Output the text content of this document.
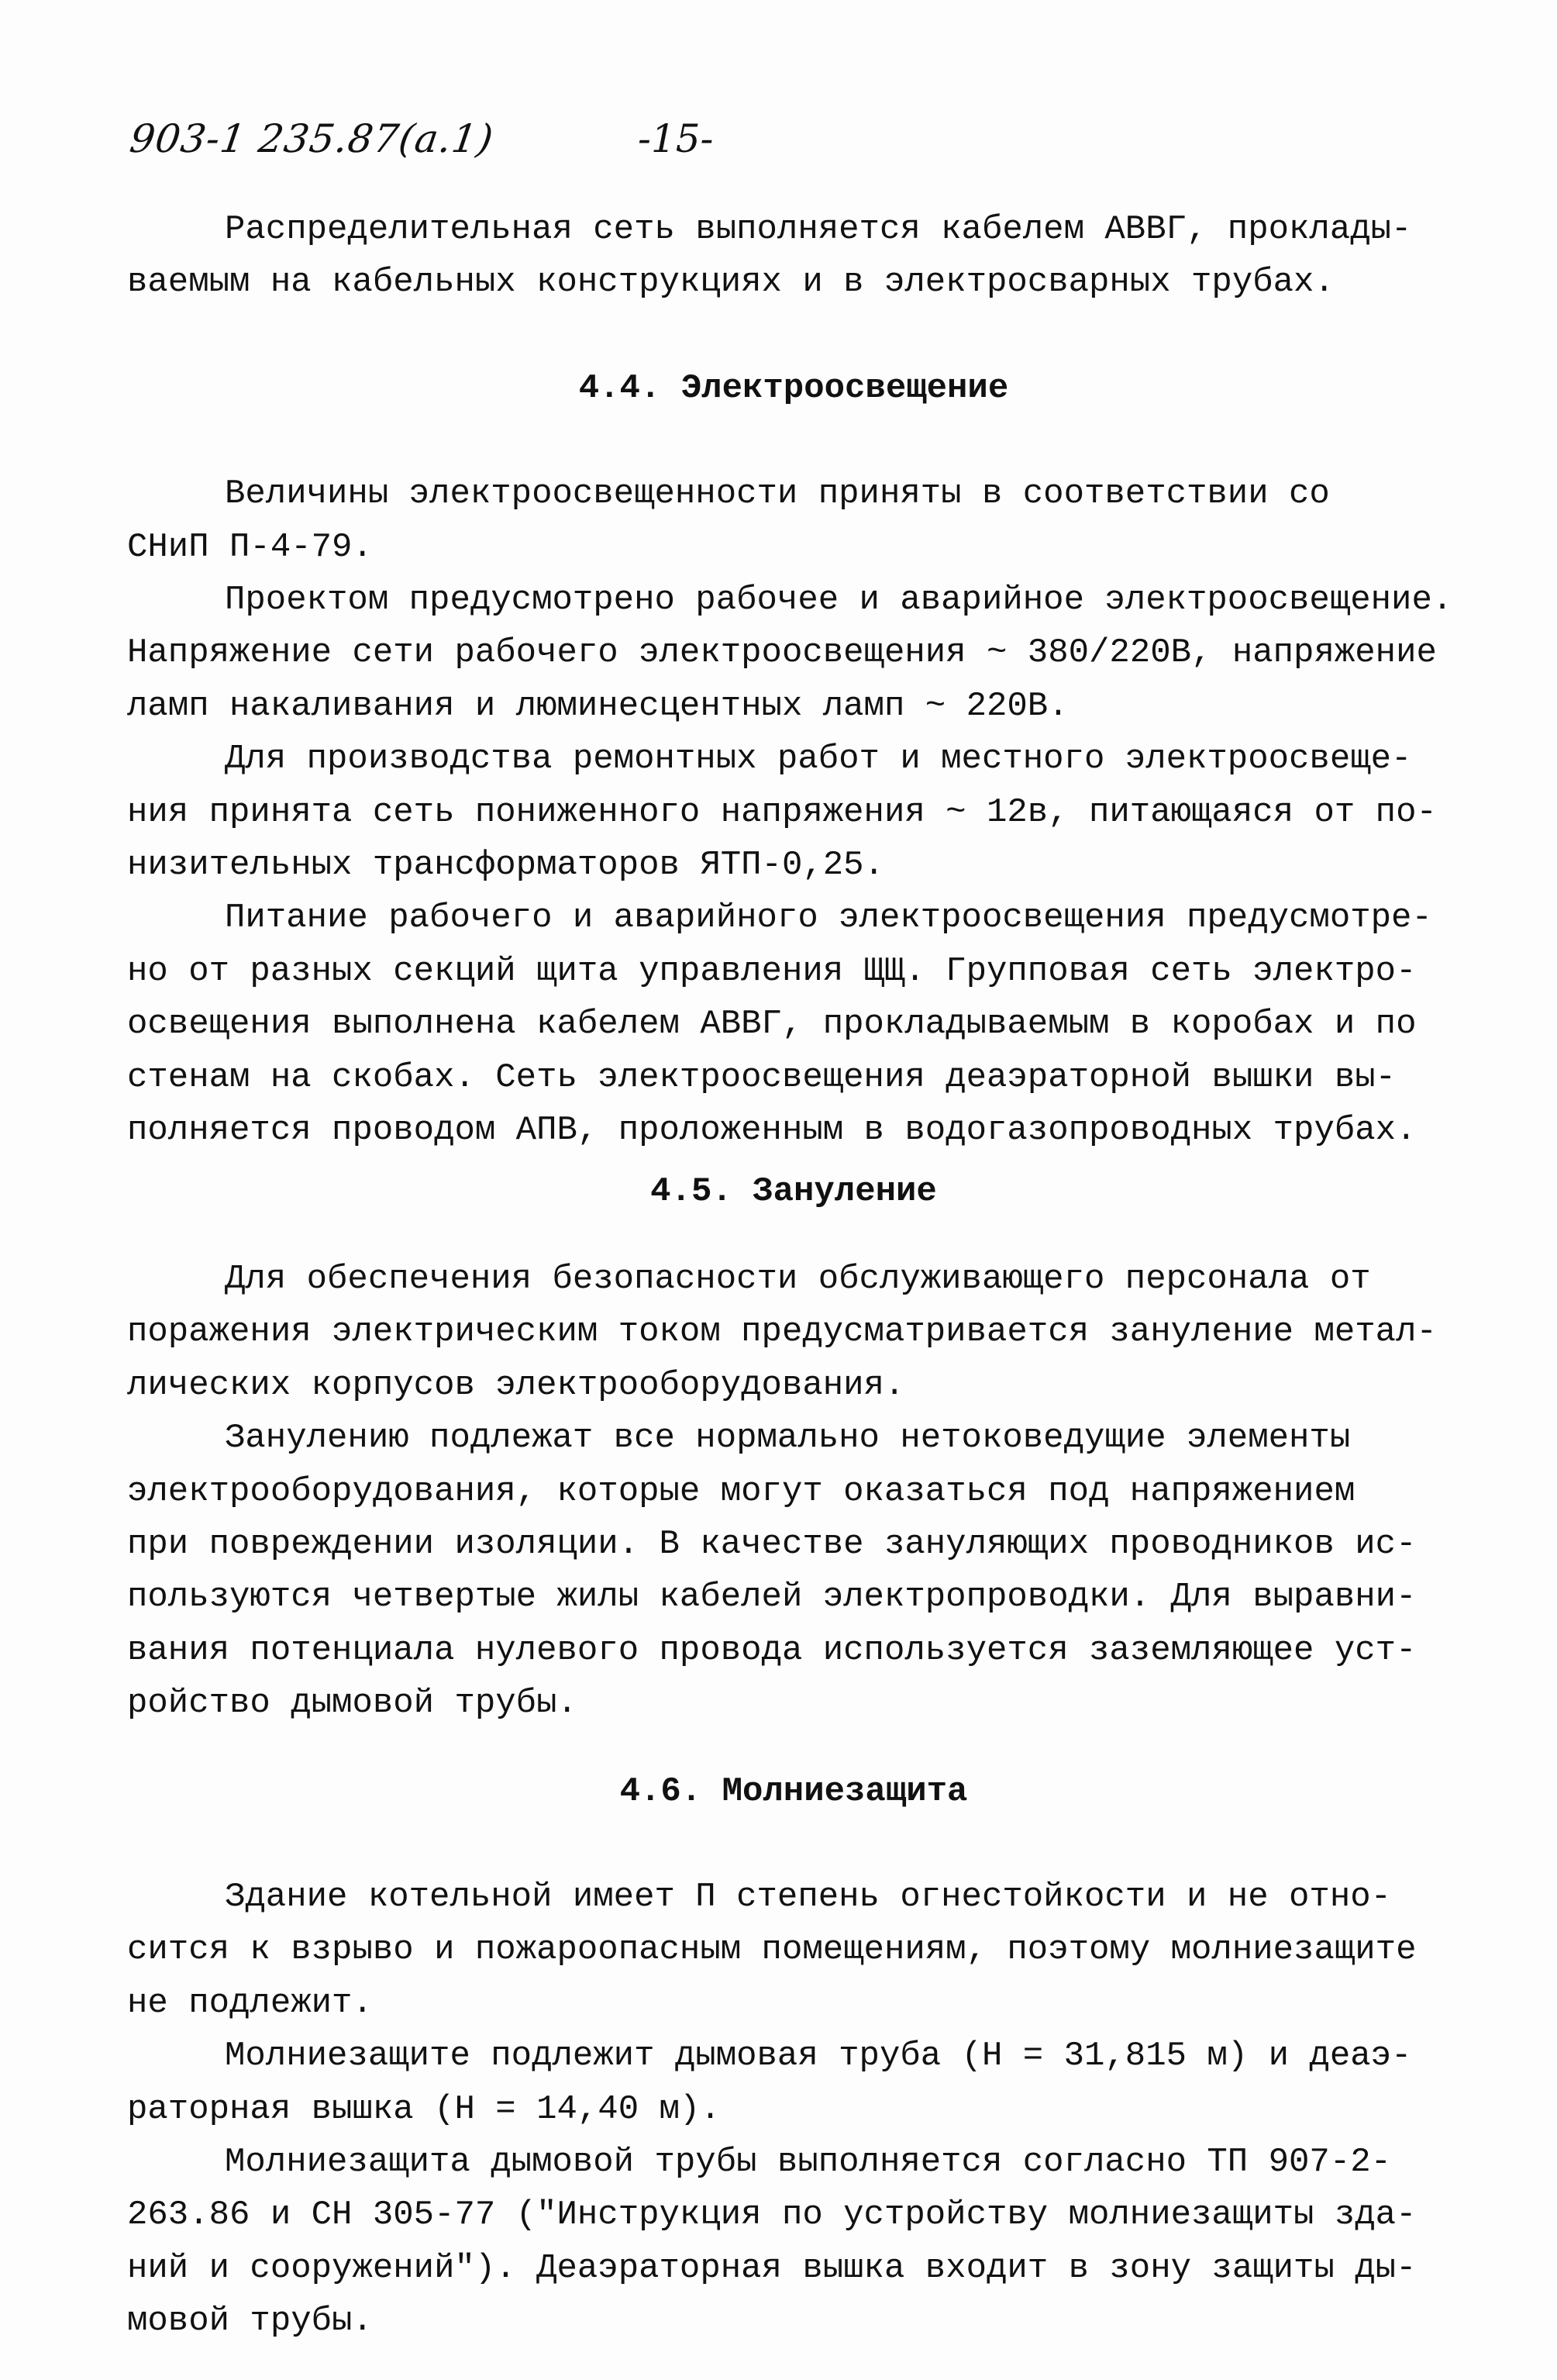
903-1 235.87(а.1)	-15-

Распределительная сеть выполняется кабелем АВВГ, проклады-
ваемым на кабельных конструкциях и в электросварных трубах.

4.4. Электроосвещение

Величины электроосвещенности приняты в соответствии со
СНиП П-4-79.

Проектом предусмотрено рабочее и аварийное электроосвещение.
Напряжение сети рабочего электроосвещения ~ 380/220В, напряжение
ламп накаливания и люминесцентных ламп ~ 220В.

Для производства ремонтных работ и местного электроосвеще-
ния принята сеть пониженного напряжения ~ 12в, питающаяся от по-
низительных трансформаторов ЯТП-0,25.

Питание рабочего и аварийного электроосвещения предусмотре-
но от разных секций щита управления ЩЩ. Групповая сеть электро-
освещения выполнена кабелем АВВГ, прокладываемым в коробах и по
стенам на скобах. Сеть электроосвещения деаэраторной вышки вы-
полняется проводом АПВ, проложенным в водогазопроводных трубах.

4.5. Зануление

Для обеспечения безопасности обслуживающего персонала от
поражения электрическим током предусматривается зануление метал-
лических корпусов электрооборудования.

Занулению подлежат все нормально нетоковедущие элементы
электрооборудования, которые могут оказаться под напряжением
при повреждении изоляции. В качестве зануляющих проводников ис-
пользуются четвертые жилы кабелей электропроводки. Для выравни-
вания потенциала нулевого провода используется заземляющее уст-
ройство дымовой трубы.

4.6. Молниезащита

Здание котельной имеет П степень огнестойкости и не отно-
сится к взрыво и пожароопасным помещениям, поэтому молниезащите
не подлежит.

Молниезащите подлежит дымовая труба (Н = 31,815 м) и деаэ-
раторная вышка (Н = 14,40 м).

Молниезащита дымовой трубы выполняется согласно ТП 907-2-
263.86 и СН 305-77 ("Инструкция по устройству молниезащиты зда-
ний и сооружений"). Деаэраторная вышка входит в зону защиты ды-
мовой трубы.
